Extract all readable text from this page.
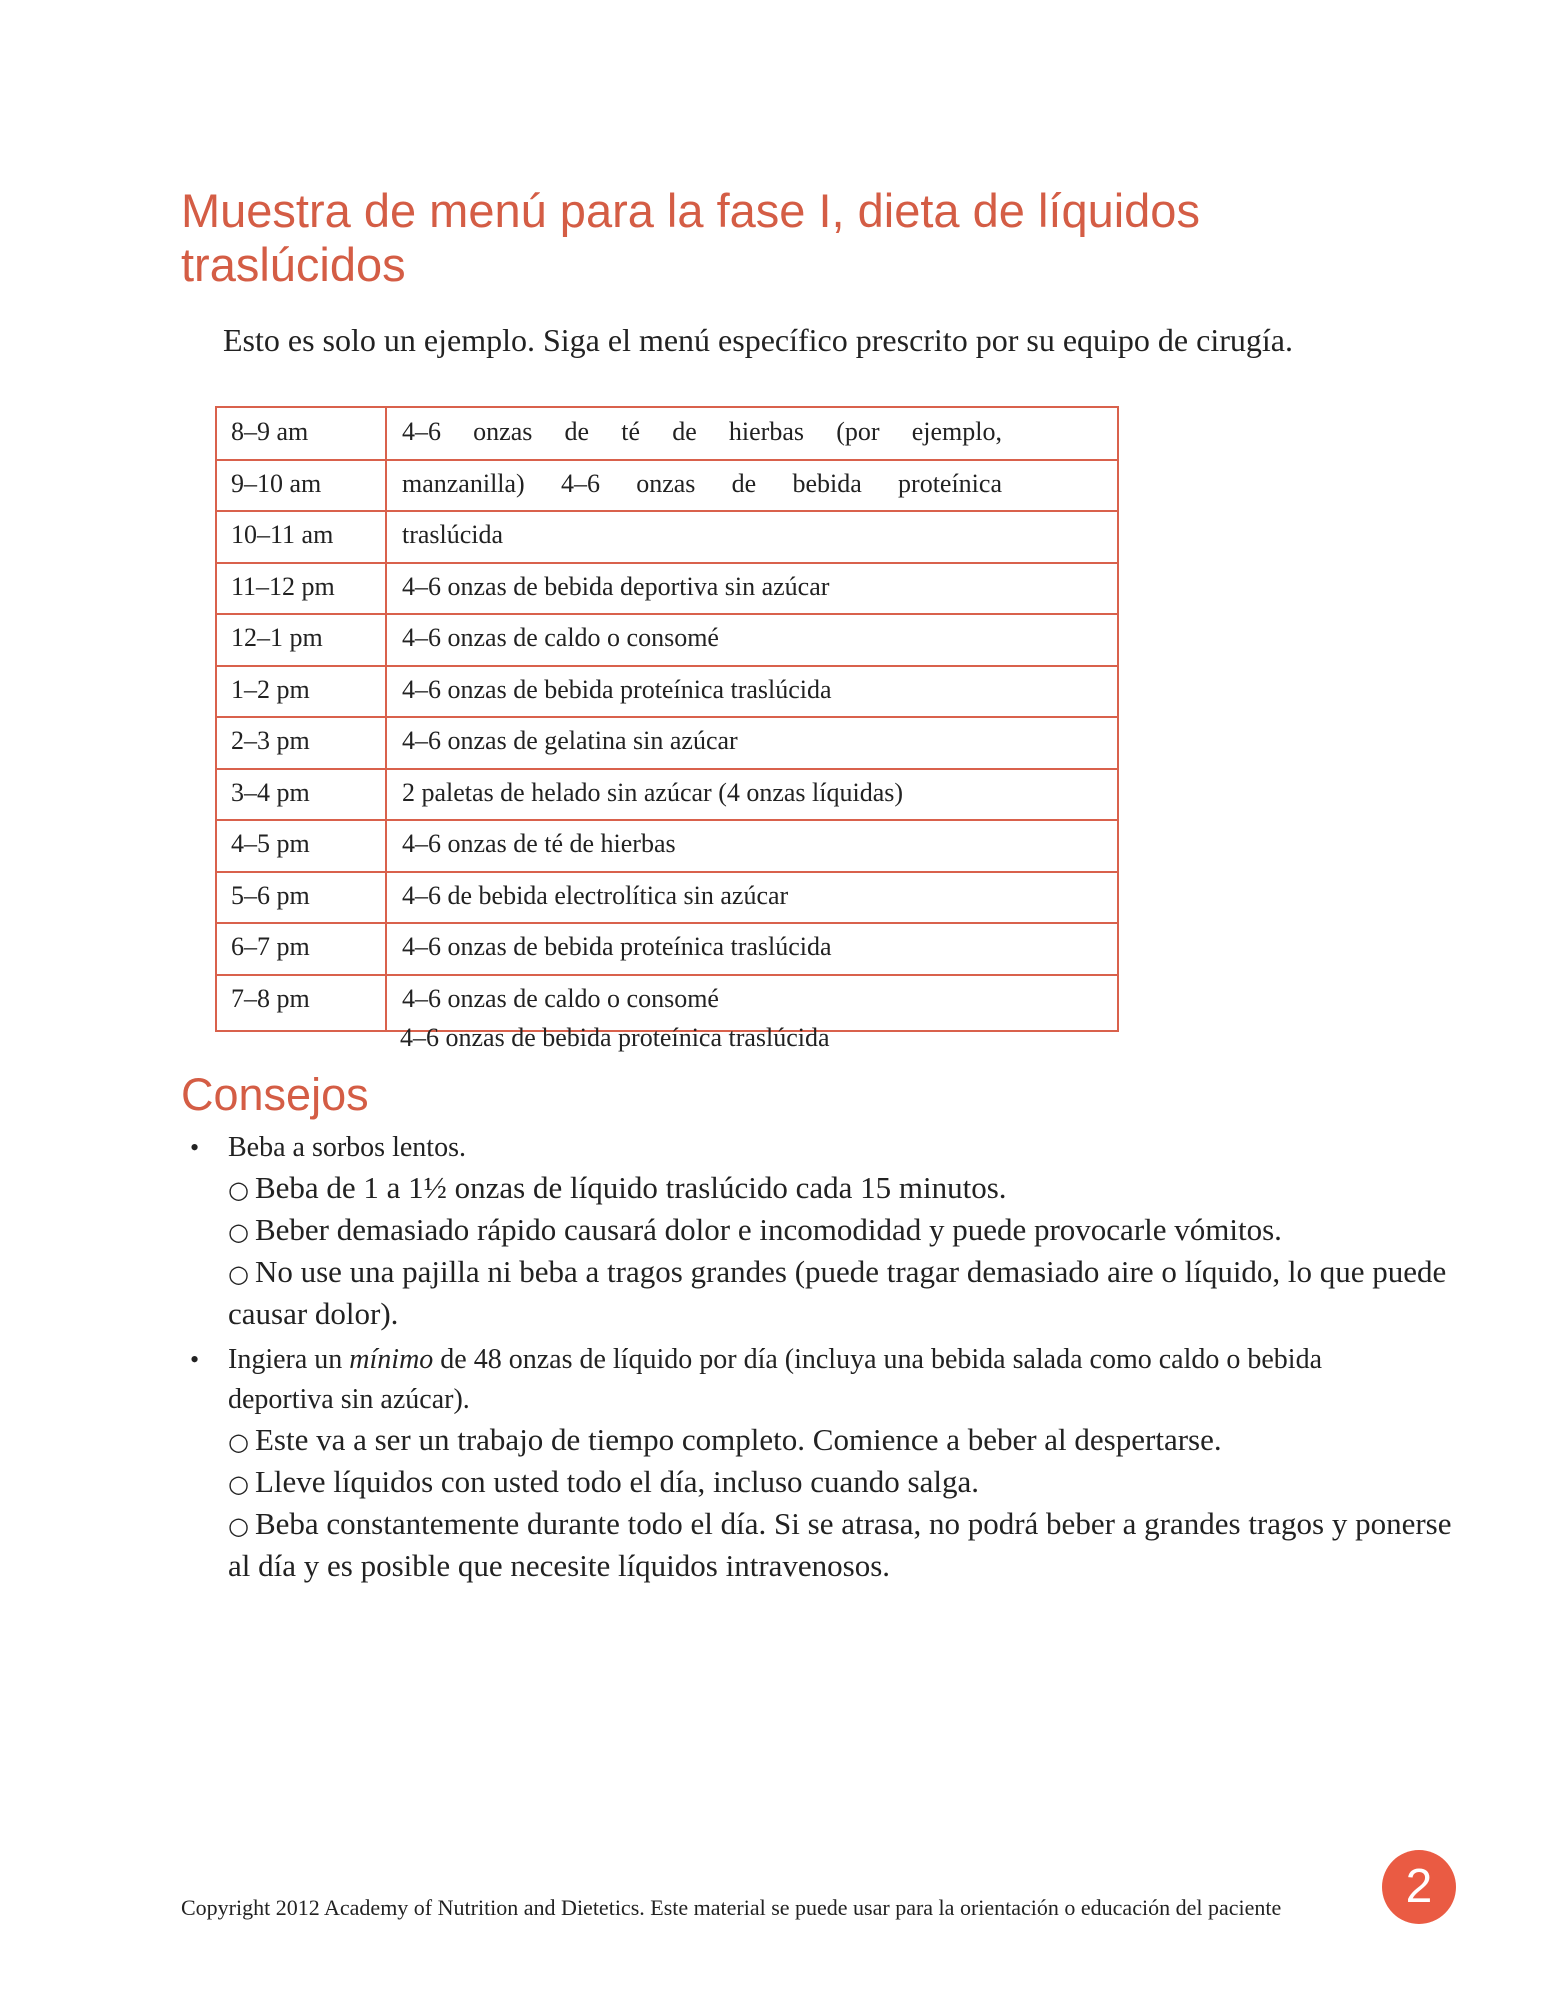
Muestra de menú para la fase I, dieta de líquidos traslúcidos

Esto es solo un ejemplo. Siga el menú específico prescrito por su equipo de cirugía.

8–9 am
9–10 am
10–11 am
11–12 pm
12–1 pm
1–2 pm
2–3 pm
3–4 pm
4–5 pm
5–6 pm
6–7 pm
7–8 pm
4–6 onzas de té de hierbas (por ejemplo,
manzanilla) 4–6 onzas de bebida proteínica
traslúcida
4–6 onzas de bebida deportiva sin azúcar
4–6 onzas de caldo o consomé
4–6 onzas de bebida proteínica traslúcida
4–6 onzas de gelatina sin azúcar
2 paletas de helado sin azúcar (4 onzas líquidas)
4–6 onzas de té de hierbas
4–6 de bebida electrolítica sin azúcar
4–6 onzas de bebida proteínica traslúcida
4–6 onzas de caldo o consomé
4–6 onzas de bebida proteínica traslúcida
Consejos
• Beba a sorbos lentos.

○ Beba de 1 a 1½ onzas de líquido traslúcido cada 15 minutos.

○ Beber demasiado rápido causará dolor e incomodidad y puede provocarle vómitos.

○ No use una pajilla ni beba a tragos grandes (puede tragar demasiado aire o líquido, lo que puede causar dolor).

• Ingiera un mínimo de 48 onzas de líquido por día (incluya una bebida salada como caldo o bebida deportiva sin azúcar).

○ Este va a ser un trabajo de tiempo completo. Comience a beber al despertarse.

○ Lleve líquidos con usted todo el día, incluso cuando salga.

○ Beba constantemente durante todo el día. Si se atrasa, no podrá beber a grandes tragos y ponerse al día y es posible que necesite líquidos intravenosos.

Copyright 2012 Academy of Nutrition and Dietetics. Este material se puede usar para la orientación o educación del paciente	2
